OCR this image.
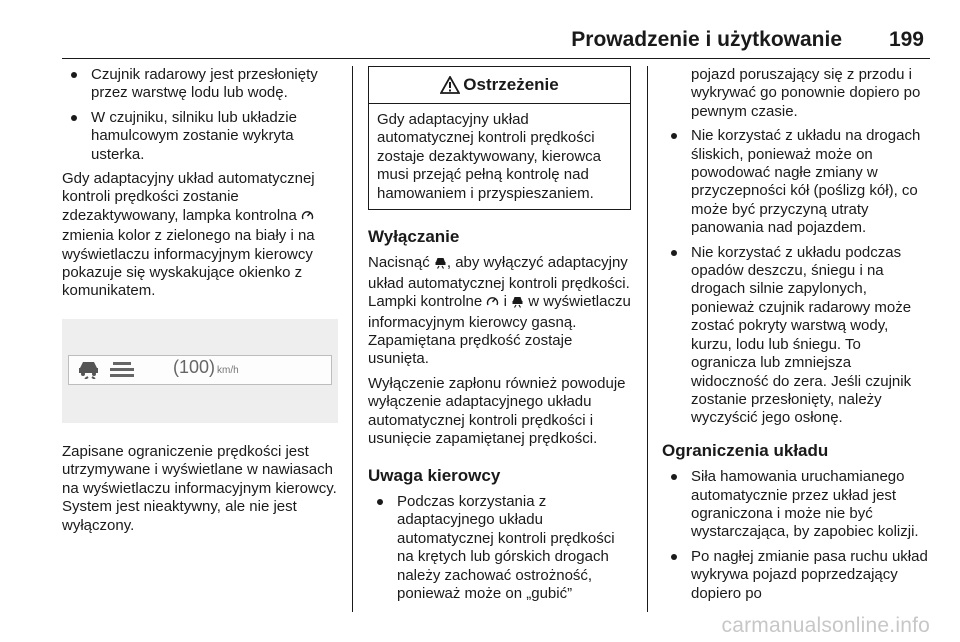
Prowadzenie i użytkowanie 199
Czujnik radarowy jest przesłonięty przez warstwę lodu lub wodę.
W czujniku, silniku lub układzie hamulcowym zostanie wykryta usterka.

Gdy adaptacyjny układ automatycznej kontroli prędkości zostanie zdezaktywowany, lampka kontrolna  zmienia kolor z zielonego na biały i na wyświetlaczu informacyjnym kierowcy pokazuje się wyskakujące okienko z komunikatem.

(100) km/h

Zapisane ograniczenie prędkości jest utrzymywane i wyświetlane w nawiasach na wyświetlaczu informacyjnym kierowcy. System jest nieaktywny, ale nie jest wyłączony.

Ostrzeżenie
Gdy adaptacyjny układ automatycznej kontroli prędkości zostaje dezaktywowany, kierowca musi przejąć pełną kontrolę nad hamowaniem i przyspieszaniem.
Wyłączanie

Nacisnąć , aby wyłączyć adaptacyjny układ automatycznej kontroli prędkości. Lampki kontrolne i w wyświetlaczu informacyjnym kierowcy gasną. Zapamiętana prędkość zostaje usunięta.

Wyłączenie zapłonu również powoduje wyłączenie adaptacyjnego układu automatycznej kontroli prędkości i usunięcie zapamiętanej prędkości.

Uwaga kierowcy
Podczas korzystania z adaptacyjnego układu automatycznej kontroli prędkości na krętych lub górskich drogach należy zachować ostrożność, ponieważ może on „gubić”

pojazd poruszający się z przodu i wykrywać go ponownie dopiero po pewnym czasie.

Nie korzystać z układu na drogach śliskich, ponieważ może on powodować nagłe zmiany w przyczepności kół (poślizg kół), co może być przyczyną utraty panowania nad pojazdem.
Nie korzystać z układu podczas opadów deszczu, śniegu i na drogach silnie zapylonych, ponieważ czujnik radarowy może zostać pokryty warstwą wody, kurzu, lodu lub śniegu. To ogranicza lub zmniejsza widoczność do zera. Jeśli czujnik zostanie przesłonięty, należy wyczyścić jego osłonę.
Ograniczenia układu
Siła hamowania uruchamianego automatycznie przez układ jest ograniczona i może nie być wystarczająca, by zapobiec kolizji.
Po nagłej zmianie pasa ruchu układ wykrywa pojazd poprzedzający dopiero po
carmanualsonline.info
